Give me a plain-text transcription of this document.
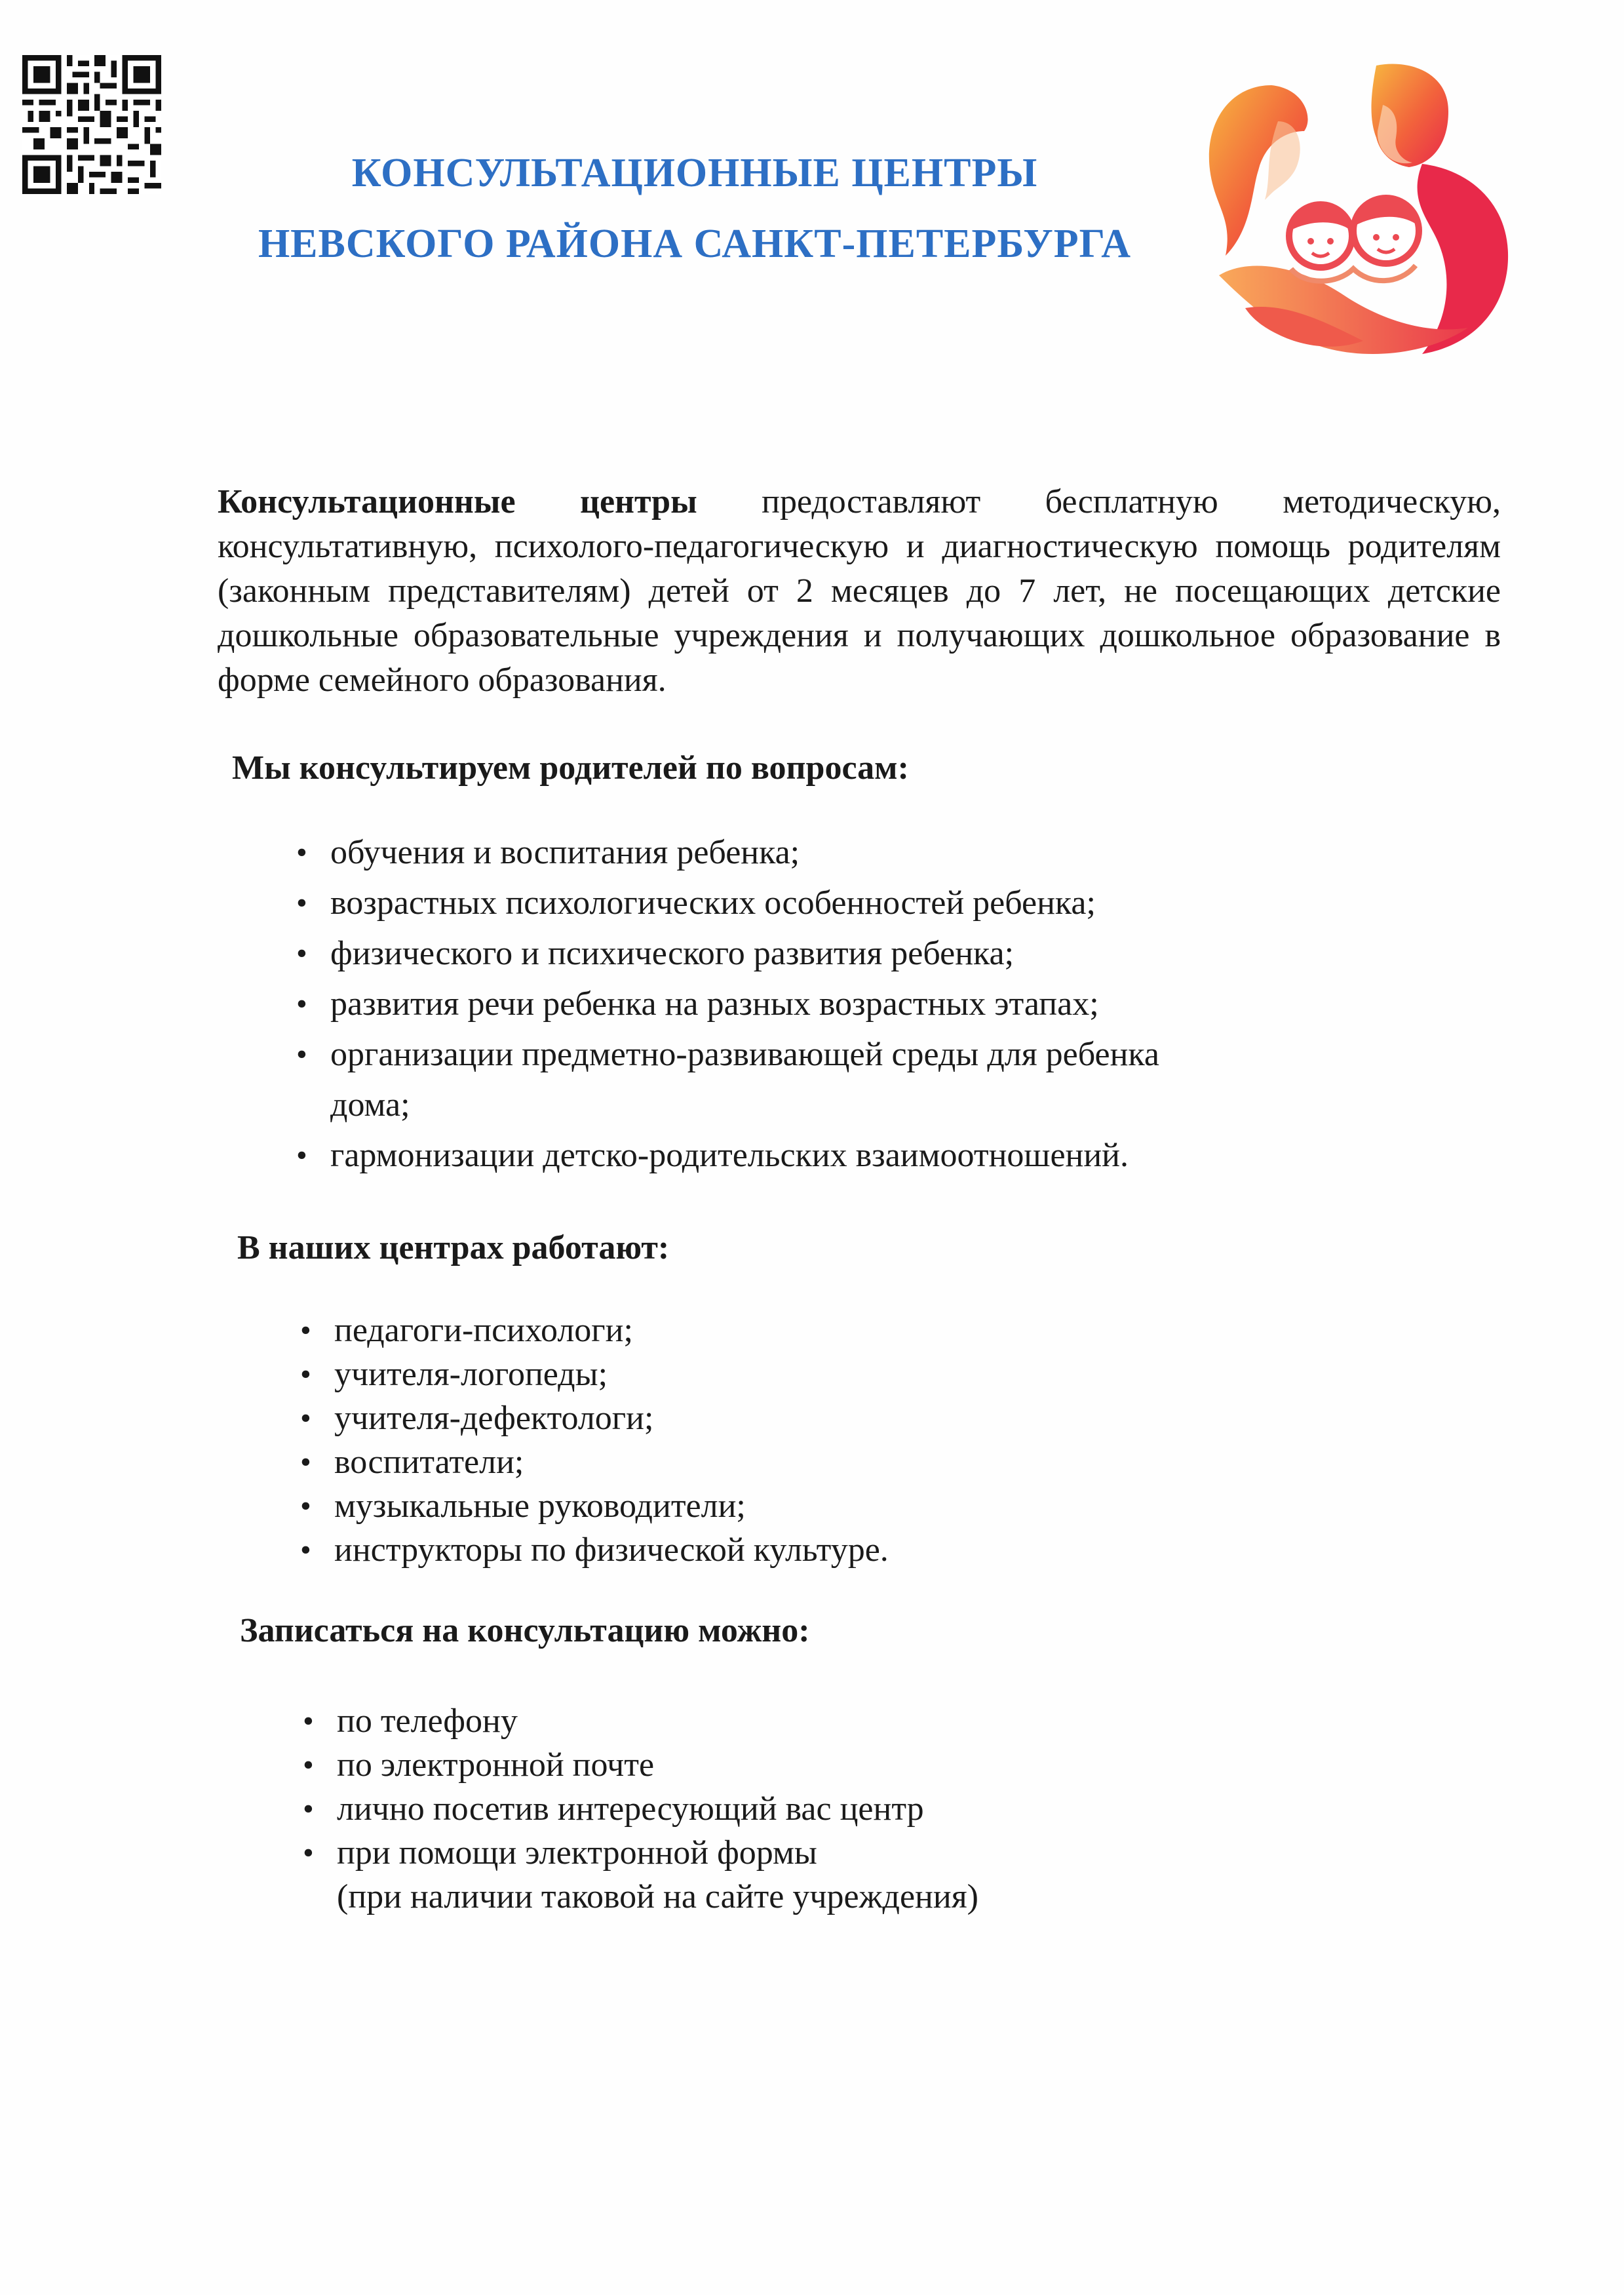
КОНСУЛЬТАЦИОННЫЕ ЦЕНТРЫ
НЕВСКОГО РАЙОНА САНКТ-ПЕТЕРБУРГА

Консультационные центры предоставляют бесплатную методическую, консультативную, психолого-педагогическую и диагностическую помощь родителям (законным представителям) детей от 2 месяцев до 7 лет, не посещающих детские дошкольные образовательные учреждения и получающих дошкольное образование в форме семейного образования.

Мы консультируем родителей по вопросам:
• обучения и воспитания ребенка;
• возрастных психологических особенностей ребенка;
• физического и психического развития ребенка;
• развития речи ребенка на разных возрастных этапах;
• организации предметно-развивающей среды для ребенка
дома;
• гармонизации детско-родительских взаимоотношений.
В наших центрах работают:
• педагоги-психологи;
• учителя-логопеды;
• учителя-дефектологи;
• воспитатели;
• музыкальные руководители;
• инструкторы по физической культуре.
Записаться на консультацию можно:
• по телефону
• по электронной почте
• лично посетив интересующий вас центр
• при помощи электронной формы
(при наличии таковой на сайте учреждения)
